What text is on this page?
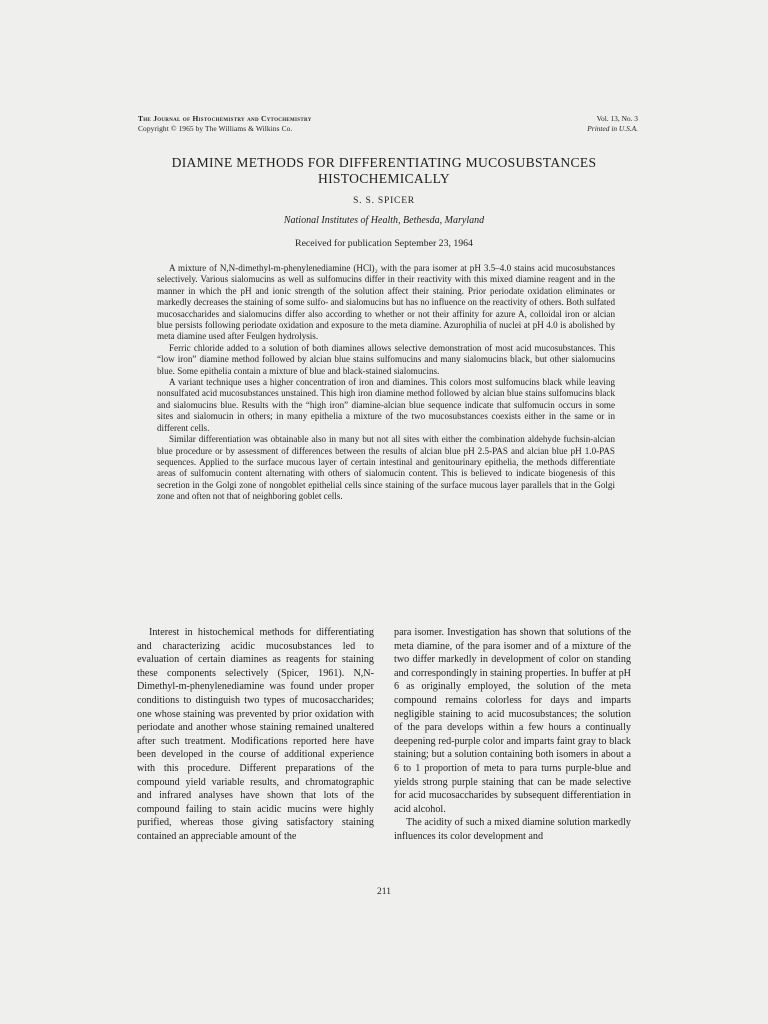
The Journal of Histochemistry and Cytochemistry
Copyright © 1965 by The Williams & Wilkins Co.
Vol. 13, No. 3
Printed in U.S.A.
DIAMINE METHODS FOR DIFFERENTIATING MUCOSUBSTANCES
HISTOCHEMICALLY
S. S. SPICER
National Institutes of Health, Bethesda, Maryland
Received for publication September 23, 1964

A mixture of N,N-dimethyl-m-phenylenediamine (HCl)₂ with the para isomer at pH 3.5–4.0 stains acid mucosubstances selectively. Various sialomucins as well as sulfomucins differ in their reactivity with this mixed diamine reagent and in the manner in which the pH and ionic strength of the solution affect their staining. Prior periodate oxidation eliminates or markedly decreases the staining of some sulfo- and sialomucins but has no influence on the reactivity of others. Both sulfated mucosaccharides and sialomucins differ also according to whether or not their affinity for azure A, colloidal iron or alcian blue persists following periodate oxidation and exposure to the meta diamine. Azurophilia of nuclei at pH 4.0 is abolished by meta diamine used after Feulgen hydrolysis.

Ferric chloride added to a solution of both diamines allows selective demonstration of most acid mucosubstances. This “low iron” diamine method followed by alcian blue stains sulfomucins and many sialomucins black, but other sialomucins blue. Some epithelia contain a mixture of blue and black-stained sialomucins.

A variant technique uses a higher concentration of iron and diamines. This colors most sulfomucins black while leaving nonsulfated acid mucosubstances unstained. This high iron diamine method followed by alcian blue stains sulfomucins black and sialomucins blue. Results with the “high iron” diamine-alcian blue sequence indicate that sulfomucin occurs in some sites and sialomucin in others; in many epithelia a mixture of the two mucosubstances coexists either in the same or in different cells.

Similar differentiation was obtainable also in many but not all sites with either the combination aldehyde fuchsin-alcian blue procedure or by assessment of differences between the results of alcian blue pH 2.5-PAS and alcian blue pH 1.0-PAS sequences. Applied to the surface mucous layer of certain intestinal and genitourinary epithelia, the methods differentiate areas of sulfomucin content alternating with others of sialomucin content. This is believed to indicate biogenesis of this secretion in the Golgi zone of nongoblet epithelial cells since staining of the surface mucous layer parallels that in the Golgi zone and often not that of neighboring goblet cells.

Interest in histochemical methods for differentiating and characterizing acidic mucosubstances led to evaluation of certain diamines as reagents for staining these components selectively (Spicer, 1961). N,N-Dimethyl-m-phenylenediamine was found under proper conditions to distinguish two types of mucosaccharides; one whose staining was prevented by prior oxidation with periodate and another whose staining remained unaltered after such treatment. Modifications reported here have been developed in the course of additional experience with this procedure. Different preparations of the compound yield variable results, and chromatographic and infrared analyses have shown that lots of the compound failing to stain acidic mucins were highly purified, whereas those giving satisfactory staining contained an appreciable amount of the

para isomer. Investigation has shown that solutions of the meta diamine, of the para isomer and of a mixture of the two differ markedly in development of color on standing and correspondingly in staining properties. In buffer at pH 6 as originally employed, the solution of the meta compound remains colorless for days and imparts negligible staining to acid mucosubstances; the solution of the para develops within a few hours a continually deepening red-purple color and imparts faint gray to black staining; but a solution containing both isomers in about a 6 to 1 proportion of meta to para turns purple-blue and yields strong purple staining that can be made selective for acid mucosaccharides by subsequent differentiation in acid alcohol.

The acidity of such a mixed diamine solution markedly influences its color development and

211
